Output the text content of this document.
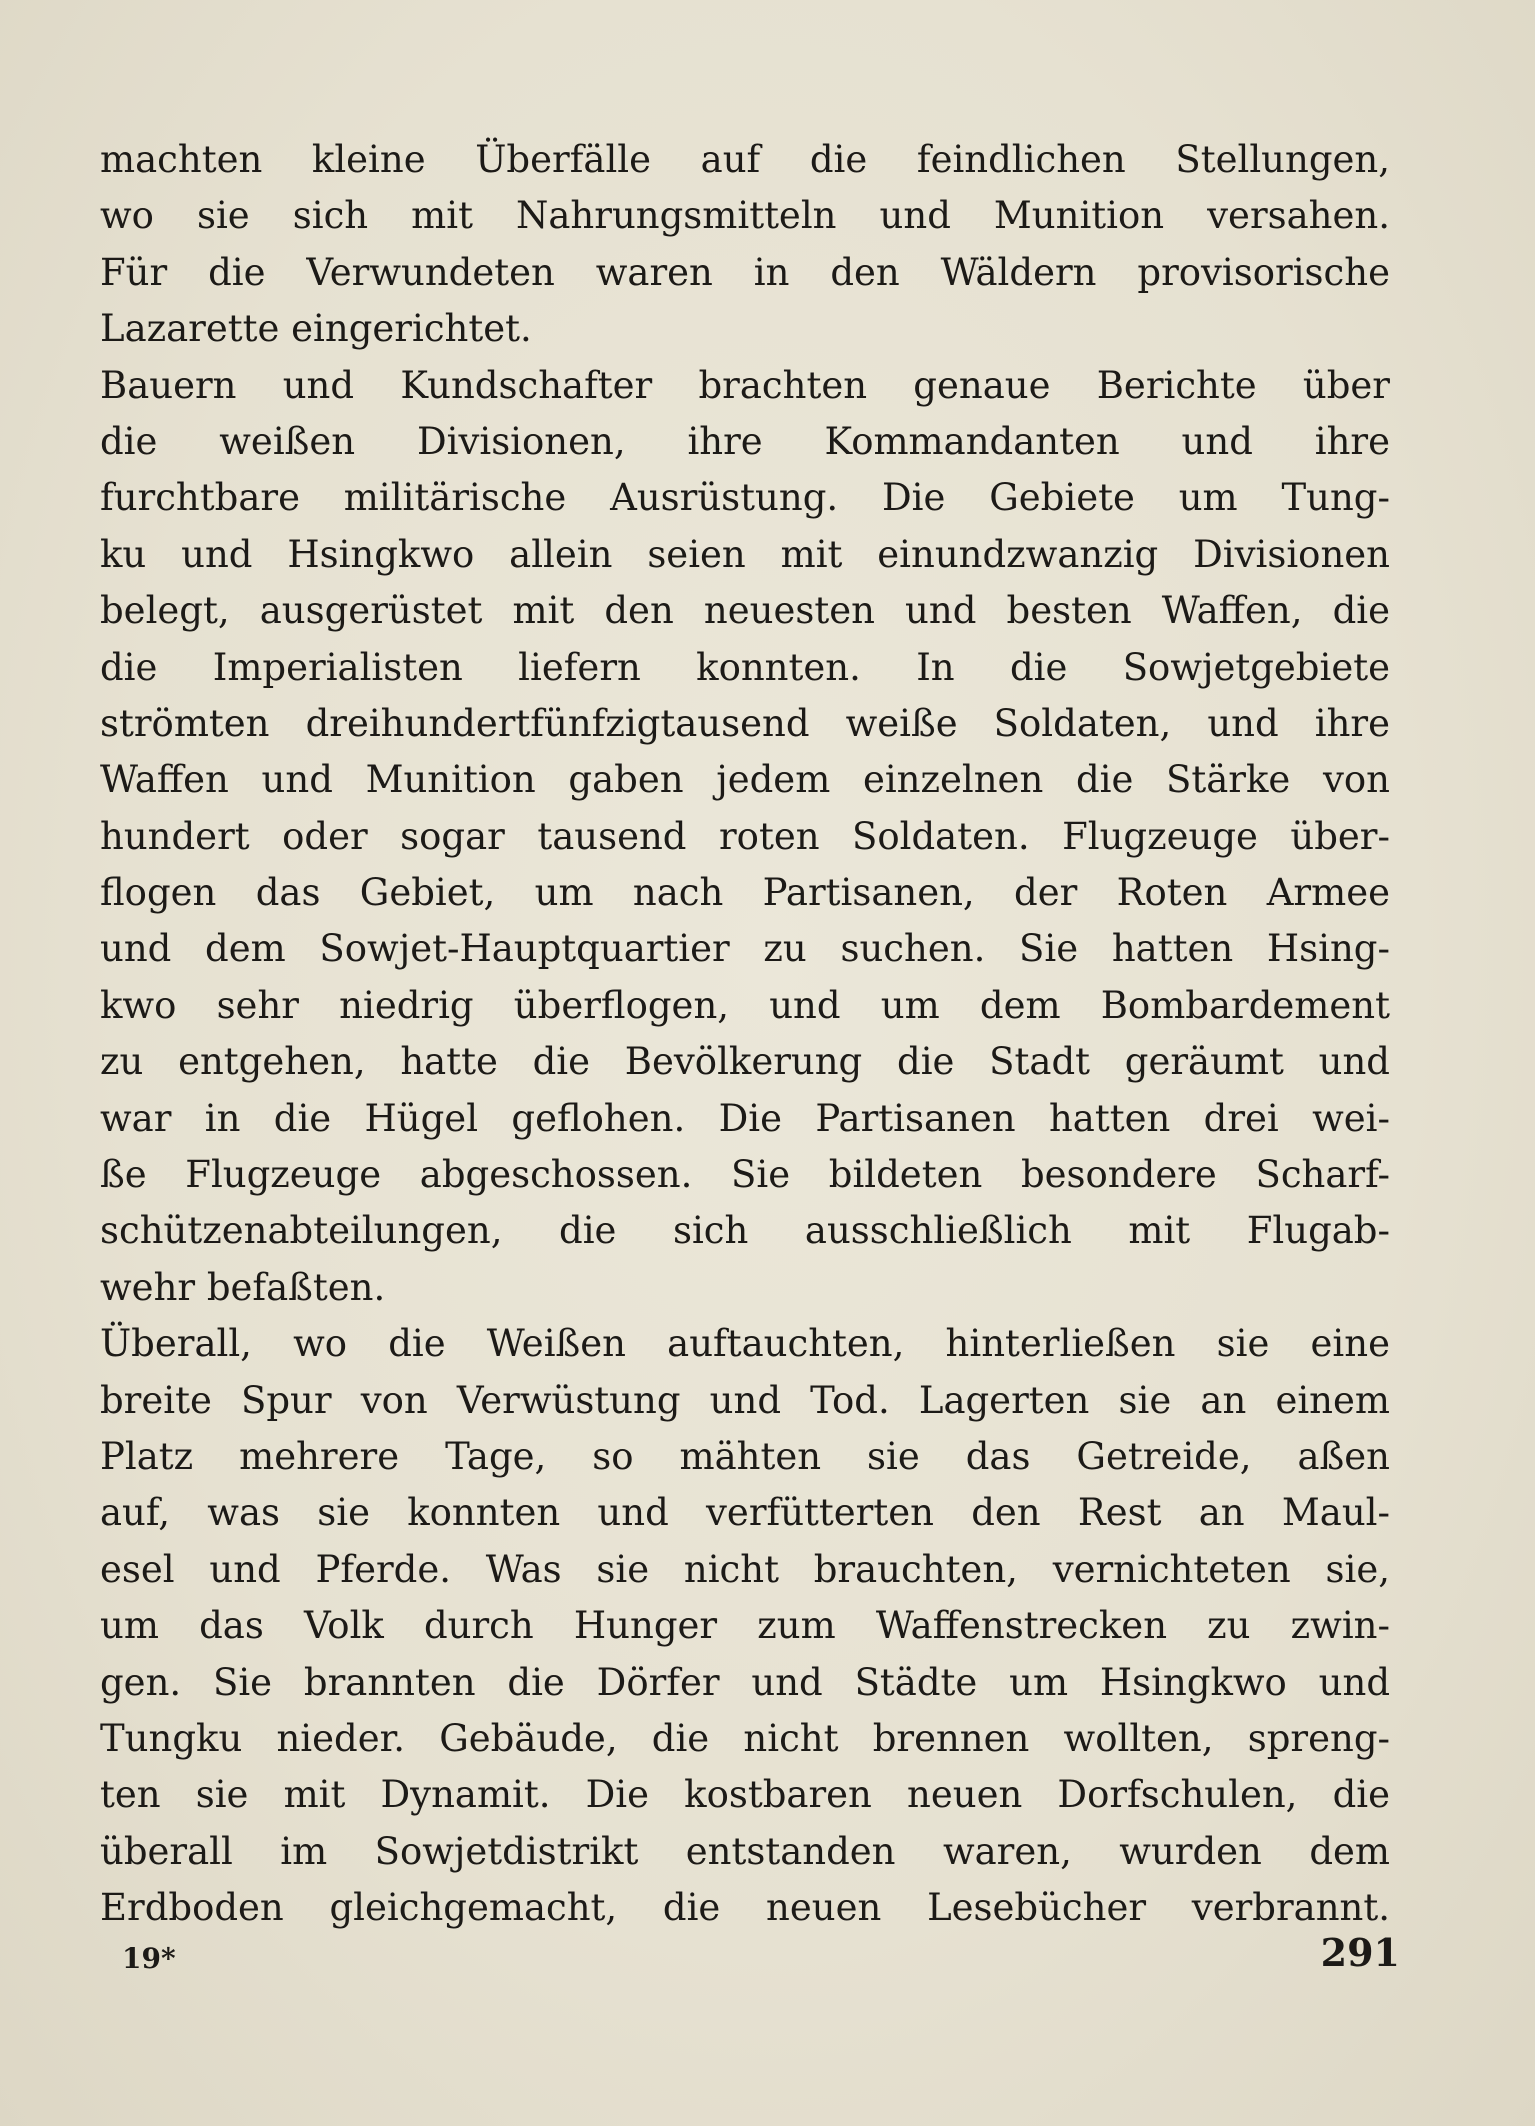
machten kleine Überfälle auf die feindlichen Stellungen,
wo sie sich mit Nahrungsmitteln und Munition versahen.
Für die Verwundeten waren in den Wäldern provisorische
Lazarette eingerichtet.
Bauern und Kundschafter brachten genaue Berichte über
die weißen Divisionen, ihre Kommandanten und ihre
furchtbare militärische Ausrüstung. Die Gebiete um Tung-
ku und Hsingkwo allein seien mit einundzwanzig Divisionen
belegt, ausgerüstet mit den neuesten und besten Waffen, die
die Imperialisten liefern konnten. In die Sowjetgebiete
strömten dreihundertfünfzigtausend weiße Soldaten, und ihre
Waffen und Munition gaben jedem einzelnen die Stärke von
hundert oder sogar tausend roten Soldaten. Flugzeuge über-
flogen das Gebiet, um nach Partisanen, der Roten Armee
und dem Sowjet-Hauptquartier zu suchen. Sie hatten Hsing-
kwo sehr niedrig überflogen, und um dem Bombardement
zu entgehen, hatte die Bevölkerung die Stadt geräumt und
war in die Hügel geflohen. Die Partisanen hatten drei wei-
ße Flugzeuge abgeschossen. Sie bildeten besondere Scharf-
schützenabteilungen, die sich ausschließlich mit Flugab-
wehr befaßten.
Überall, wo die Weißen auftauchten, hinterließen sie eine
breite Spur von Verwüstung und Tod. Lagerten sie an einem
Platz mehrere Tage, so mähten sie das Getreide, aßen
auf, was sie konnten und verfütterten den Rest an Maul-
esel und Pferde. Was sie nicht brauchten, vernichteten sie,
um das Volk durch Hunger zum Waffenstrecken zu zwin-
gen. Sie brannten die Dörfer und Städte um Hsingkwo und
Tungku nieder. Gebäude, die nicht brennen wollten, spreng-
ten sie mit Dynamit. Die kostbaren neuen Dorfschulen, die
überall im Sowjetdistrikt entstanden waren, wurden dem
Erdboden gleichgemacht, die neuen Lesebücher verbrannt.
19*	291
